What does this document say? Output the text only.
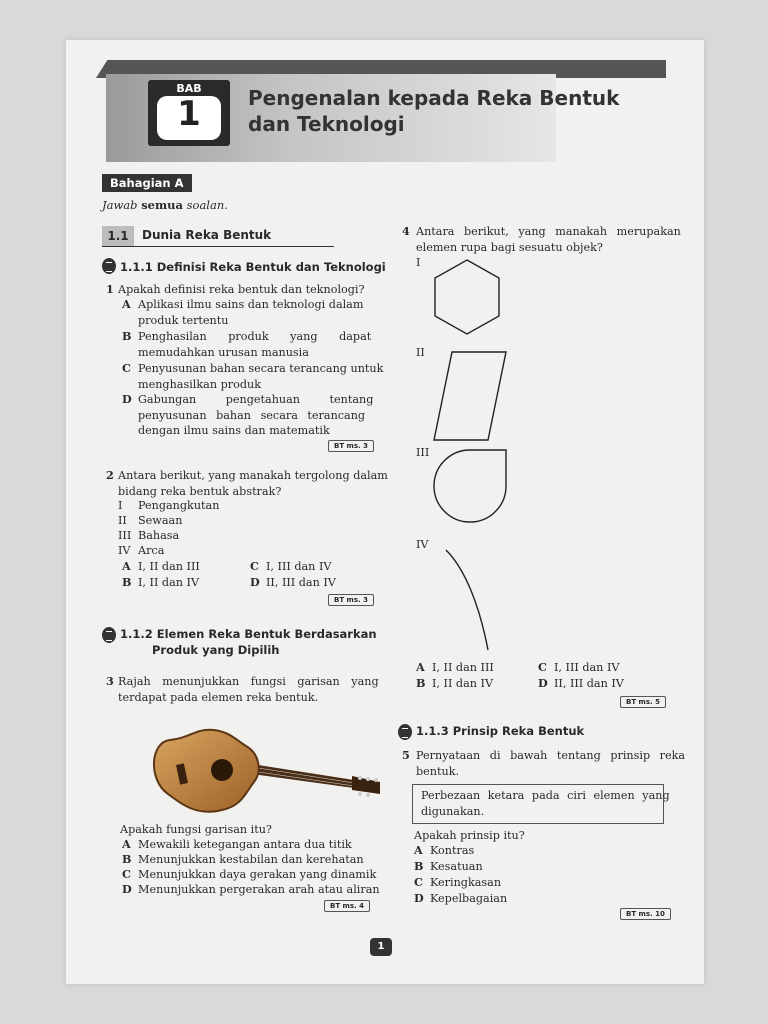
BAB
1	Pengenalan kepada Reka Bentuk
dan Teknologi
Bahagian A
Jawab semua soalan.
1.1	Dunia Reka Bentuk
1.1.1 Definisi Reka Bentuk dan Teknologi
1 Apakah definisi reka bentuk dan teknologi?
A Aplikasi ilmu sains dan teknologi dalam
produk tertentu
B Penghasilan produk yang dapat
memudahkan urusan manusia
C Penyusunan bahan secara terancang untuk
menghasilkan produk
D Gabungan pengetahuan tentang
penyusunan bahan secara terancang
dengan ilmu sains dan matematik
BT ms. 3
2 Antara berikut, yang manakah tergolong dalam
bidang reka bentuk abstrak?
I Pengangkutan
II Sewaan
III Bahasa
IV Arca
A I, II dan III	C I, III dan IV
B I, II dan IV	D II, III dan IV
BT ms. 3
1.1.2 Elemen Reka Bentuk Berdasarkan
Produk yang Dipilih
3 Rajah menunjukkan fungsi garisan yang
terdapat pada elemen reka bentuk.
Apakah fungsi garisan itu?
A Mewakili ketegangan antara dua titik
B Menunjukkan kestabilan dan kerehatan
C Menunjukkan daya gerakan yang dinamik
D Menunjukkan pergerakan arah atau aliran
BT ms. 4
4 Antara berikut, yang manakah merupakan
elemen rupa bagi sesuatu objek?
I
II
III
IV
A I, II dan III	C I, III dan IV
B I, II dan IV	D II, III dan IV
BT ms. 5
1.1.3 Prinsip Reka Bentuk
5 Pernyataan di bawah tentang prinsip reka
bentuk.
Perbezaan ketara pada ciri elemen yang
digunakan.
Apakah prinsip itu?
A Kontras
B Kesatuan
C Keringkasan
D Kepelbagaian
BT ms. 10
1
